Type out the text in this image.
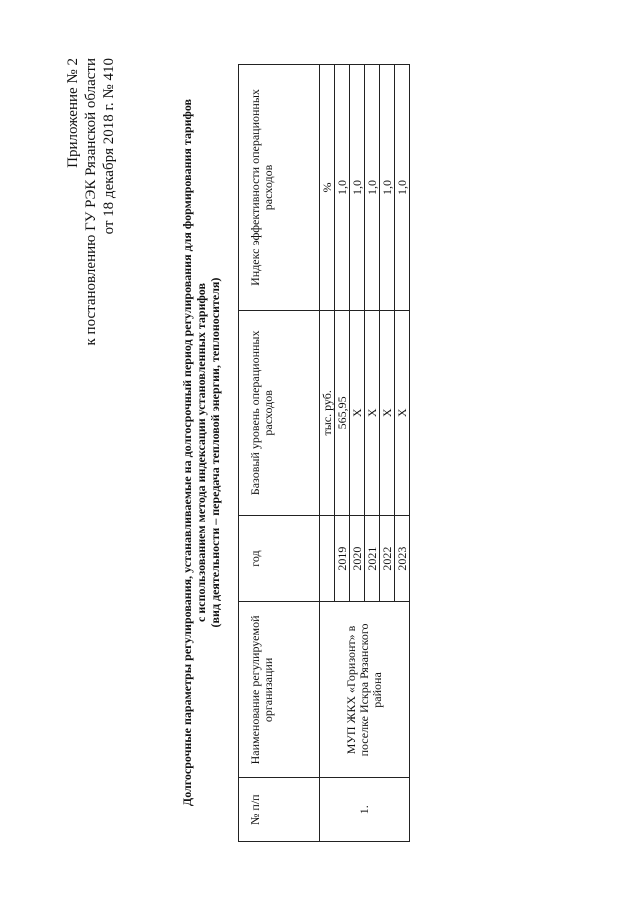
Приложение № 2 к постановлению ГУ РЭК Рязанской области от 18 декабря 2018 г. № 410	Долгосрочные параметры регулирования, устанавливаемые на долгосрочный период регулирования для формирования тарифов с использованием метода индексации установленных тарифов (вид деятельности – передача тепловой энергии, теплоносителя)
№ п/п	Наименование регулируемой организации	год	Базовый уровень операционных расходов	Индекс эффективности операционных расходов
1.	МУП ЖКХ «Горизонт» в поселке Искра Рязанского района		тыс. руб.	%
		2019	565,95	1,0
		2020	X	1,0
		2021	X	1,0
		2022	X	1,0
		2023	X	1,0
